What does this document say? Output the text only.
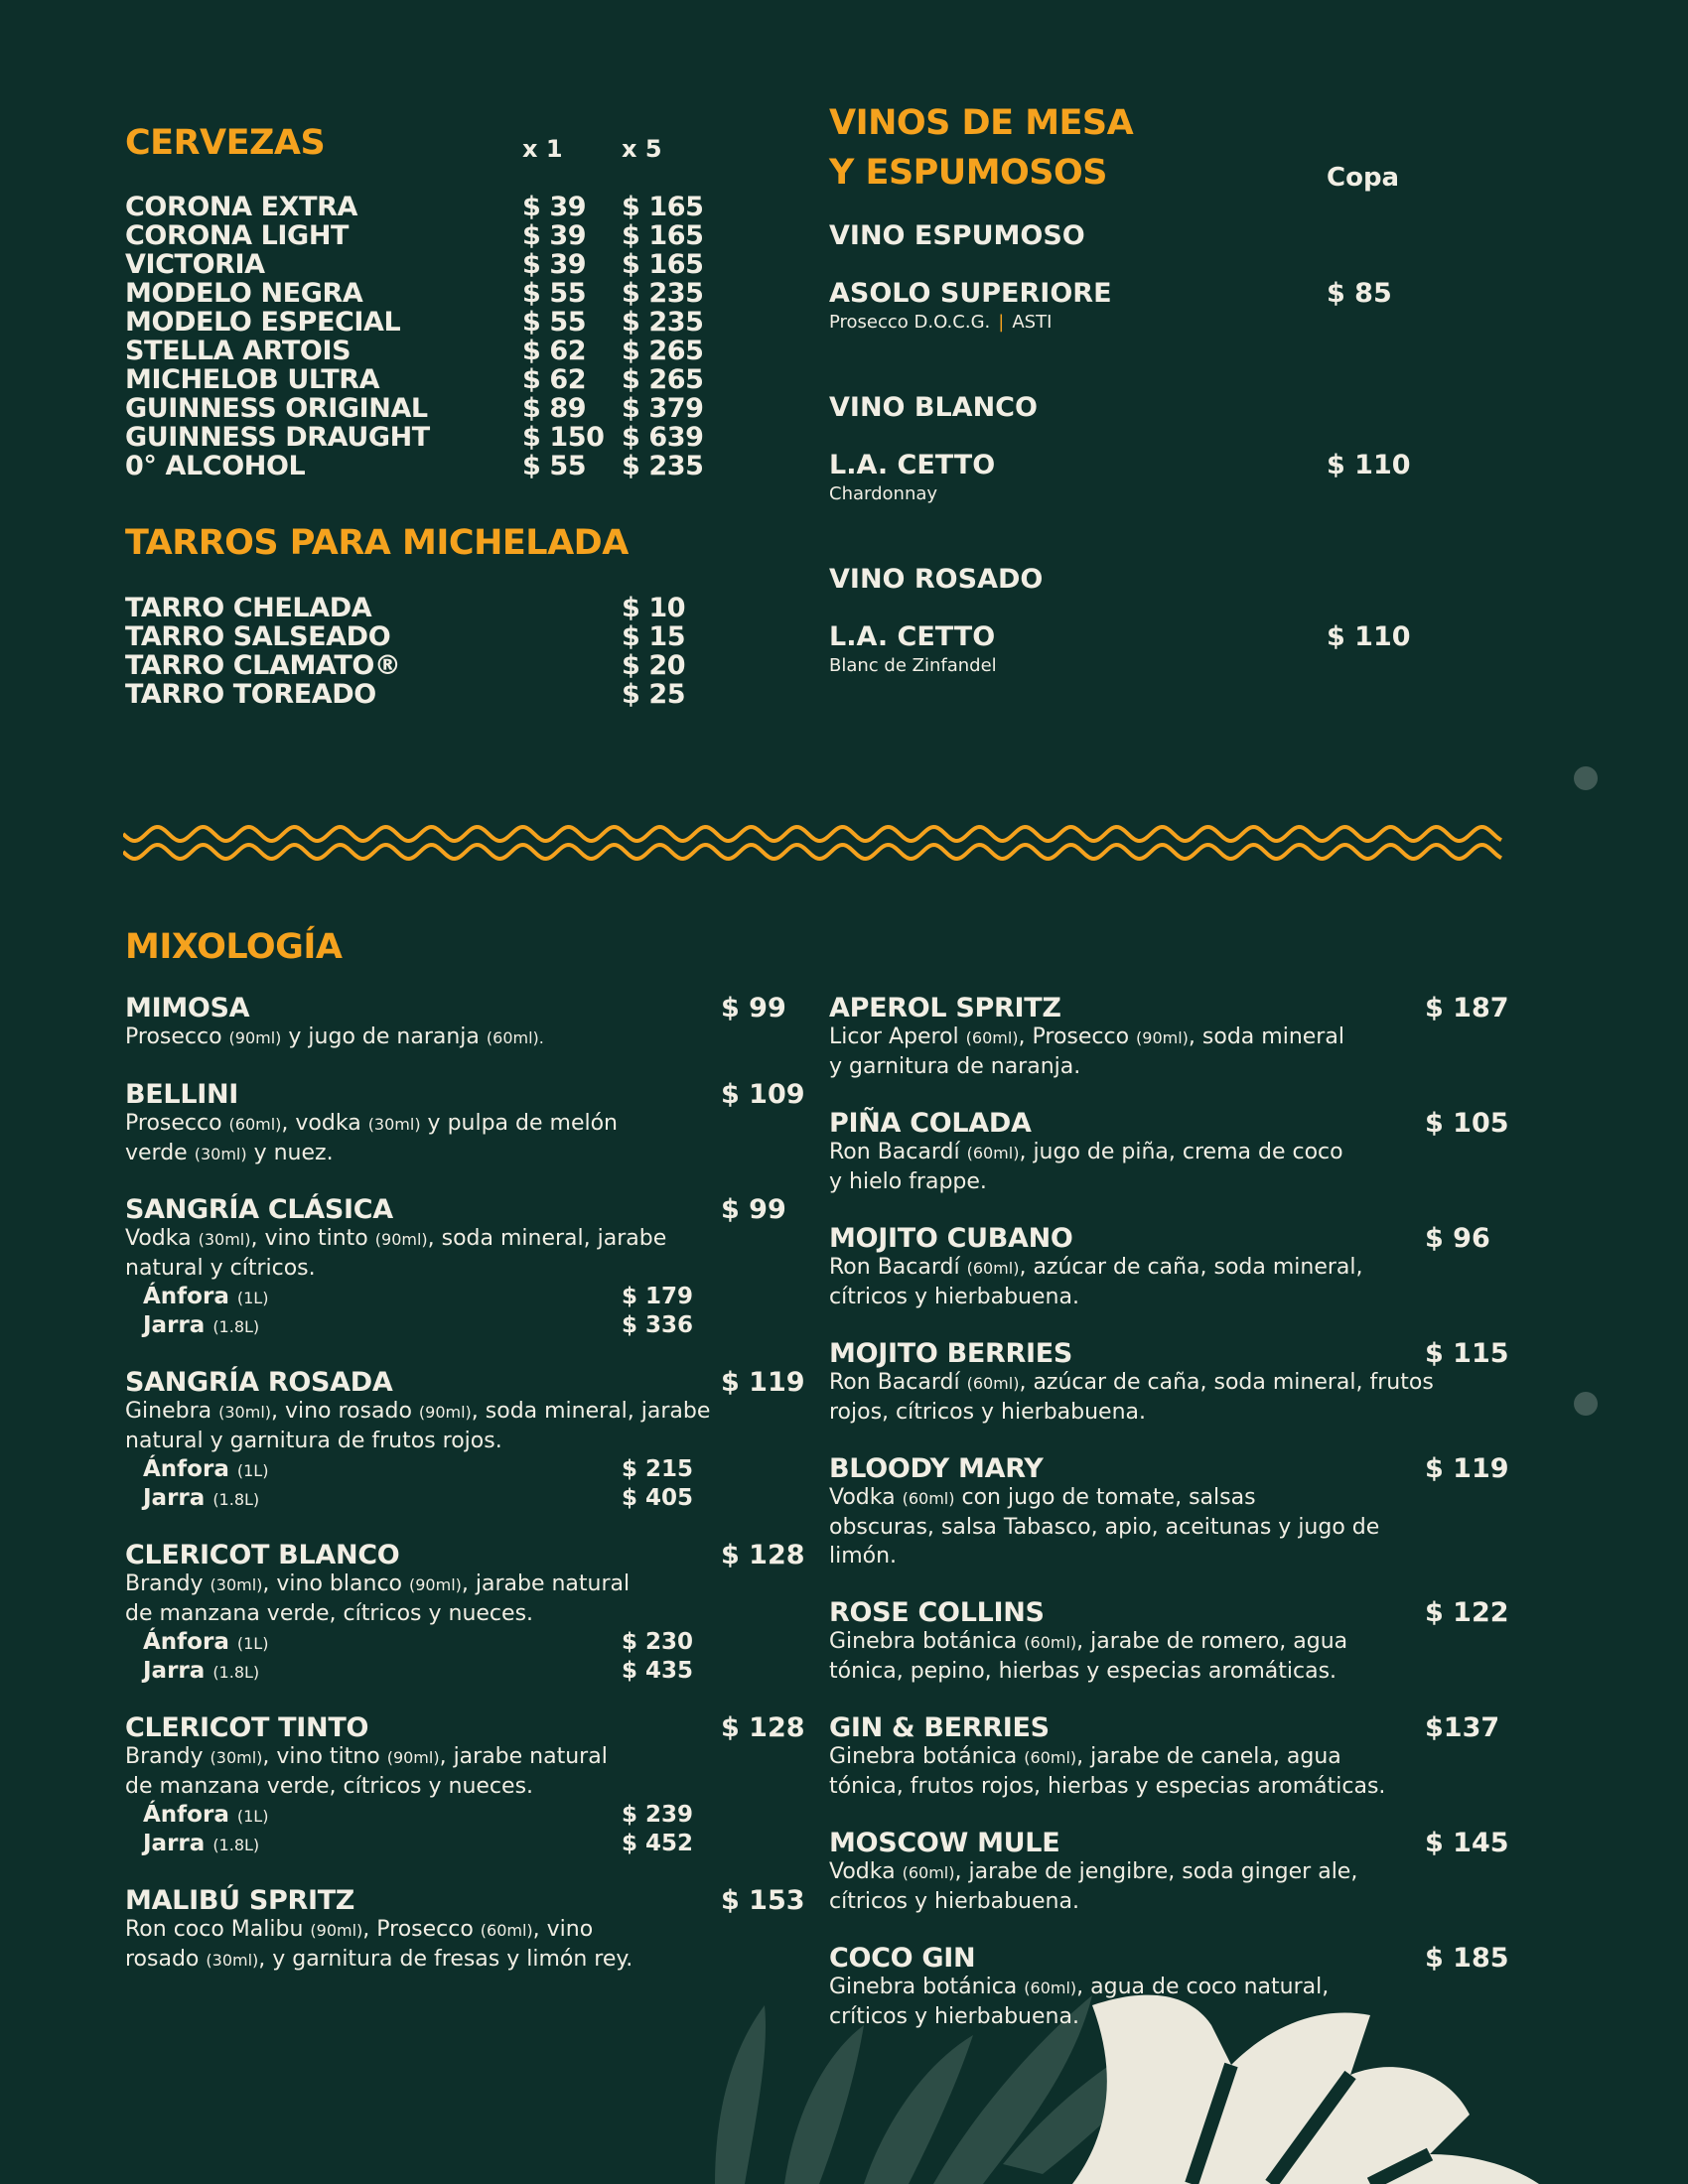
CERVEZAS	x 1 x 5
CORONA EXTRA	$ 39 $ 165
CORONA LIGHT	$ 39 $ 165
VICTORIA	$ 39 $ 165
MODELO NEGRA	$ 55 $ 235
MODELO ESPECIAL	$ 55 $ 235
STELLA ARTOIS	$ 62 $ 265
MICHELOB ULTRA	$ 62 $ 265
GUINNESS ORIGINAL	$ 89 $ 379
GUINNESS DRAUGHT	$ 150 $ 639
0° ALCOHOL	$ 55 $ 235
TARROS PARA MICHELADA
TARRO CHELADA	$ 10
TARRO SALSEADO	$ 15
TARRO CLAMATO®	$ 20
TARRO TOREADO	$ 25
VINOS DE MESA
Y ESPUMOSOS	Copa
VINO ESPUMOSO
ASOLO SUPERIORE	$ 85
Prosecco D.O.C.G. | ASTI
VINO BLANCO
L.A. CETTO	$ 110
Chardonnay
VINO ROSADO
L.A. CETTO	$ 110
Blanc de Zinfandel
MIXOLOGÍA
MIMOSA	$ 99
Prosecco (90ml) y jugo de naranja (60ml).
BELLINI	$ 109
Prosecco (60ml), vodka (30ml) y pulpa de melón
verde (30ml) y nuez.
SANGRÍA CLÁSICA	$ 99
Vodka (30ml), vino tinto (90ml), soda mineral, jarabe
natural y cítricos.
Ánfora (1L)	$ 179
Jarra (1.8L)	$ 336
SANGRÍA ROSADA	$ 119
Ginebra (30ml), vino rosado (90ml), soda mineral, jarabe
natural y garnitura de frutos rojos.
Ánfora (1L)	$ 215
Jarra (1.8L)	$ 405
CLERICOT BLANCO	$ 128
Brandy (30ml), vino blanco (90ml), jarabe natural
de manzana verde, cítricos y nueces.
Ánfora (1L)	$ 230
Jarra (1.8L)	$ 435
CLERICOT TINTO	$ 128
Brandy (30ml), vino titno (90ml), jarabe natural
de manzana verde, cítricos y nueces.
Ánfora (1L)	$ 239
Jarra (1.8L)	$ 452
MALIBÚ SPRITZ	$ 153
Ron coco Malibu (90ml), Prosecco (60ml), vino
rosado (30ml), y garnitura de fresas y limón rey.
APEROL SPRITZ	$ 187
Licor Aperol (60ml), Prosecco (90ml), soda mineral
y garnitura de naranja.
PIÑA COLADA	$ 105
Ron Bacardí (60ml), jugo de piña, crema de coco
y hielo frappe.
MOJITO CUBANO	$ 96
Ron Bacardí (60ml), azúcar de caña, soda mineral,
cítricos y hierbabuena.
MOJITO BERRIES	$ 115
Ron Bacardí (60ml), azúcar de caña, soda mineral, frutos
rojos, cítricos y hierbabuena.
BLOODY MARY	$ 119
Vodka (60ml) con jugo de tomate, salsas
obscuras, salsa Tabasco, apio, aceitunas y jugo de
limón.
ROSE COLLINS	$ 122
Ginebra botánica (60ml), jarabe de romero, agua
tónica, pepino, hierbas y especias aromáticas.
GIN & BERRIES	$137
Ginebra botánica (60ml), jarabe de canela, agua
tónica, frutos rojos, hierbas y especias aromáticas.
MOSCOW MULE	$ 145
Vodka (60ml), jarabe de jengibre, soda ginger ale,
cítricos y hierbabuena.
COCO GIN	$ 185
Ginebra botánica (60ml), agua de coco natural,
críticos y hierbabuena.
